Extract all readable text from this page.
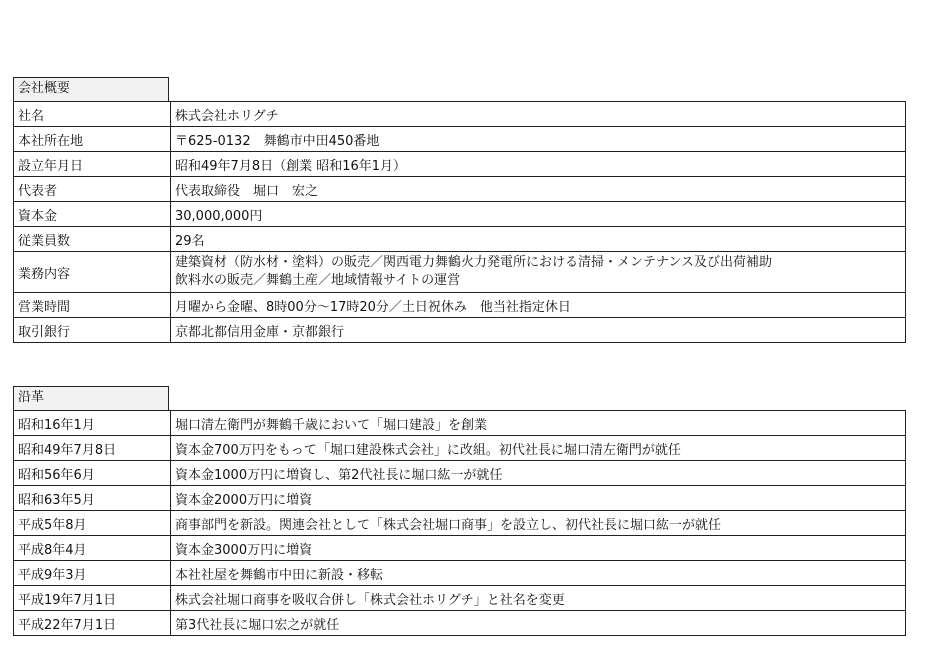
会社概要
社名	株式会社ホリグチ
本社所在地	〒625-0132　舞鶴市中田450番地
設立年月日	昭和49年7月8日（創業 昭和16年1月）
代表者	代表取締役　堀口　宏之
資本金	30,000,000円
従業員数	29名
業務内容	建築資材（防水材・塗料）の販売／関西電力舞鶴火力発電所における清掃・メンテナンス及び出荷補助
飲料水の販売／舞鶴土産／地域情報サイトの運営

営業時間	月曜から金曜、8時00分～17時20分／土日祝休み　他当社指定休日
取引銀行	京都北都信用金庫・京都銀行
沿革
昭和16年1月	堀口清左衛門が舞鶴千歳において「堀口建設」を創業
昭和49年7月8日	資本金700万円をもって「堀口建設株式会社」に改組。初代社長に堀口清左衛門が就任
昭和56年6月	資本金1000万円に増資し、第2代社長に堀口紘一が就任
昭和63年5月	資本金2000万円に増資
平成5年8月	商事部門を新設。関連会社として「株式会社堀口商事」を設立し、初代社長に堀口紘一が就任
平成8年4月	資本金3000万円に増資
平成9年3月	本社社屋を舞鶴市中田に新設・移転
平成19年7月1日	株式会社堀口商事を吸収合併し「株式会社ホリグチ」と社名を変更
平成22年7月1日	第3代社長に堀口宏之が就任
